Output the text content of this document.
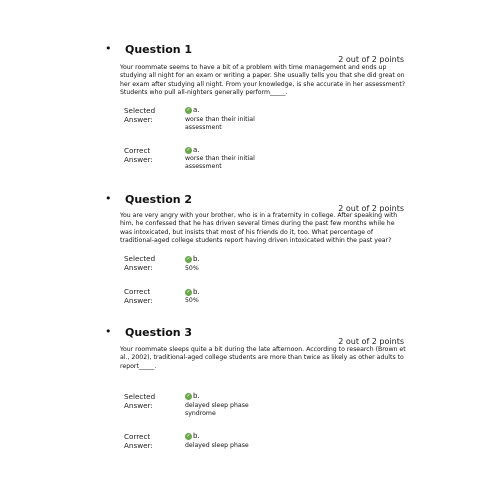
• Question 1
2 out of 2 points
Your roommate seems to have a bit of a problem with time management and ends up studying all night for an exam or writing a paper. She usually tells you that she did great on her exam after studying all night. From your knowledge, is she accurate in her assessment? Students who pull all-nighters generally perform_____.
Selected Answer:
✓ a.
worse than their initial assessment
Correct Answer:
✓ a.
worse than their initial assessment
• Question 2
2 out of 2 points
You are very angry with your brother, who is in a fraternity in college. After speaking with him, he confessed that he has driven several times during the past few months while he was intoxicated, but insists that most of his friends do it, too. What percentage of traditional-aged college students report having driven intoxicated within the past year?
Selected Answer:
✓ b.
50%
Correct Answer:
✓ b.
50%
• Question 3
2 out of 2 points
Your roommate sleeps quite a bit during the late afternoon. According to research (Brown et al., 2002), traditional-aged college students are more than twice as likely as other adults to report_____.
Selected Answer:
✓ b.
delayed sleep phase syndrome
Correct Answer:
✓ b.
delayed sleep phase
